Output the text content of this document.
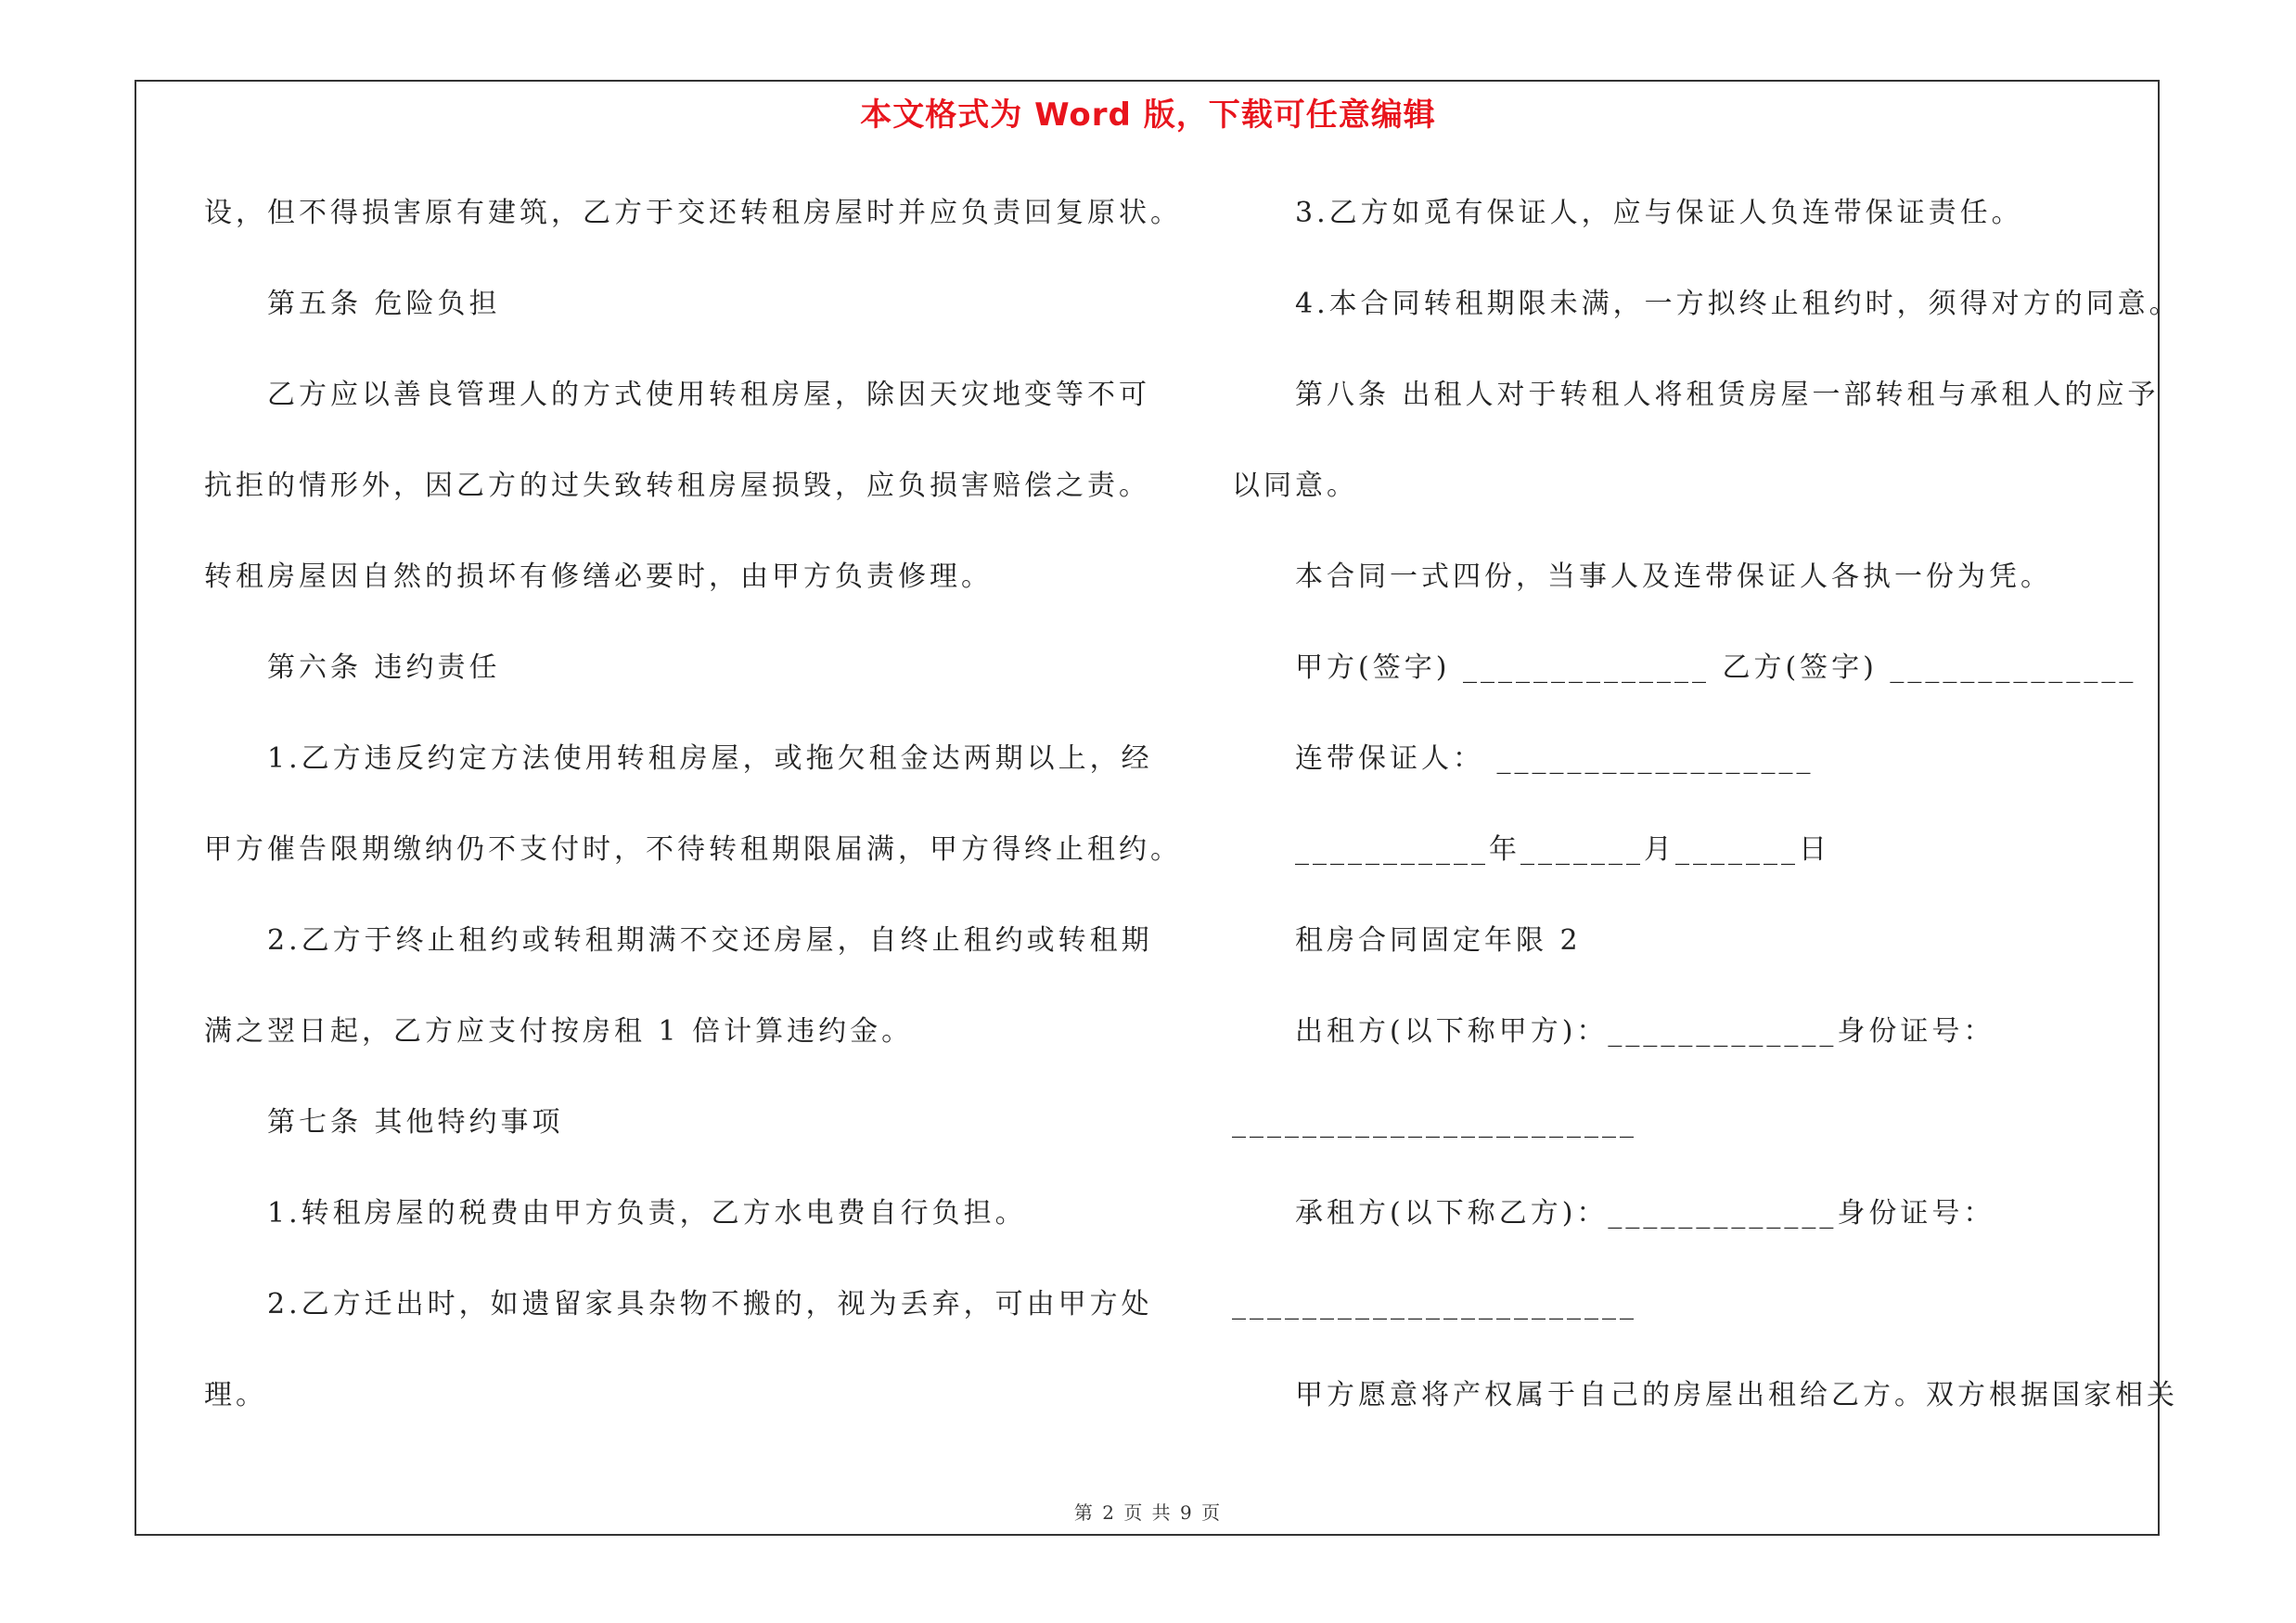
本文格式为 Word 版，下载可任意编辑
设，但不得损害原有建筑，乙方于交还转租房屋时并应负责回复原状。
第五条 危险负担
乙方应以善良管理人的方式使用转租房屋，除因天灾地变等不可
抗拒的情形外，因乙方的过失致转租房屋损毁，应负损害赔偿之责。
转租房屋因自然的损坏有修缮必要时，由甲方负责修理。
第六条 违约责任
1.乙方违反约定方法使用转租房屋，或拖欠租金达两期以上，经
甲方催告限期缴纳仍不支付时，不待转租期限届满，甲方得终止租约。
2.乙方于终止租约或转租期满不交还房屋，自终止租约或转租期
满之翌日起，乙方应支付按房租 1 倍计算违约金。
第七条 其他特约事项
1.转租房屋的税费由甲方负责，乙方水电费自行负担。
2.乙方迁出时，如遗留家具杂物不搬的，视为丢弃，可由甲方处
理。
3.乙方如觅有保证人，应与保证人负连带保证责任。
4.本合同转租期限未满，一方拟终止租约时，须得对方的同意。
第八条 出租人对于转租人将租赁房屋一部转租与承租人的应予
以同意。
本合同一式四份，当事人及连带保证人各执一份为凭。
甲方(签字) ______________ 乙方(签字) ______________
连带保证人： __________________
___________年_______月_______日
租房合同固定年限 2
出租方(以下称甲方)：_____________身份证号：
_______________________
承租方(以下称乙方)：_____________身份证号：
_______________________
甲方愿意将产权属于自己的房屋出租给乙方。双方根据国家相关
第 2 页 共 9 页
